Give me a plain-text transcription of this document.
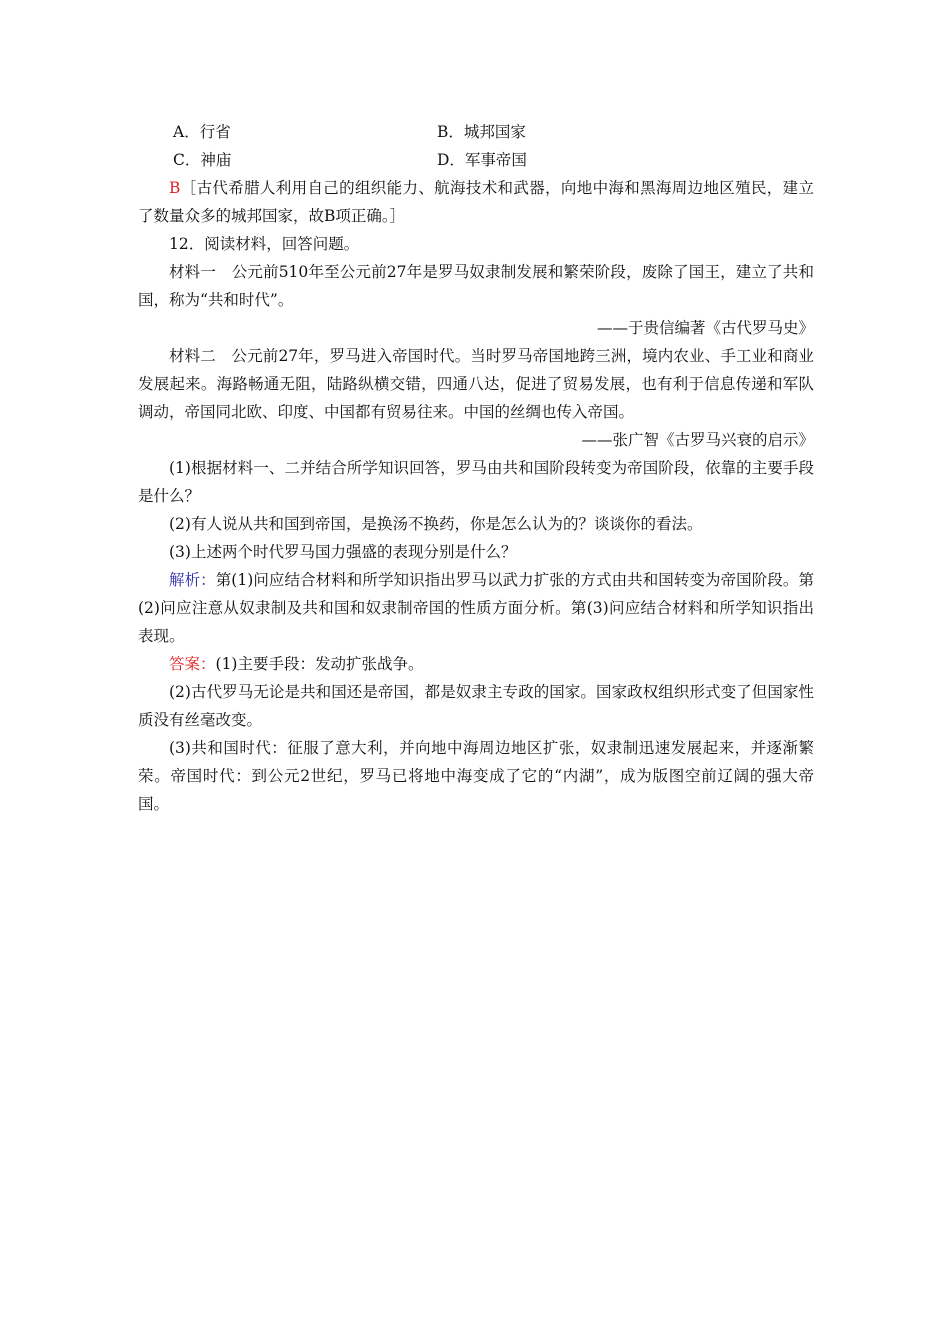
A．行省	B．城邦国家
C．神庙	D．军事帝国

B［古代希腊人利用自己的组织能力、航海技术和武器，向地中海和黑海周边地区殖民，建立了数量众多的城邦国家，故B项正确。］

12．阅读材料，回答问题。

材料一　 公元前510年至公元前27年是罗马奴隶制发展和繁荣阶段，废除了国王，建立了共和国，称为“共和时代”。

——于贵信编著《古代罗马史》

材料二　 公元前27年，罗马进入帝国时代。当时罗马帝国地跨三洲，境内农业、手工业和商业发展起来。海路畅通无阻，陆路纵横交错，四通八达，促进了贸易发展，也有利于信息传递和军队调动，帝国同北欧、印度、中国都有贸易往来。中国的丝绸也传入帝国。

——张广智《古罗马兴衰的启示》

(1)根据材料一、二并结合所学知识回答，罗马由共和国阶段转变为帝国阶段，依靠的主要手段是什么？

(2)有人说从共和国到帝国，是换汤不换药，你是怎么认为的？谈谈你的看法。

(3)上述两个时代罗马国力强盛的表现分别是什么？

解析：第(1)问应结合材料和所学知识指出罗马以武力扩张的方式由共和国转变为帝国阶段。第(2)问应注意从奴隶制及共和国和奴隶制帝国的性质方面分析。第(3)问应结合材料和所学知识指出表现。

答案：(1)主要手段：发动扩张战争。

(2)古代罗马无论是共和国还是帝国，都是奴隶主专政的国家。国家政权组织形式变了但国家性质没有丝毫改变。

(3)共和国时代：征服了意大利，并向地中海周边地区扩张，奴隶制迅速发展起来，并逐渐繁荣。帝国时代：到公元2世纪，罗马已将地中海变成了它的“内湖”，成为版图空前辽阔的强大帝国。
